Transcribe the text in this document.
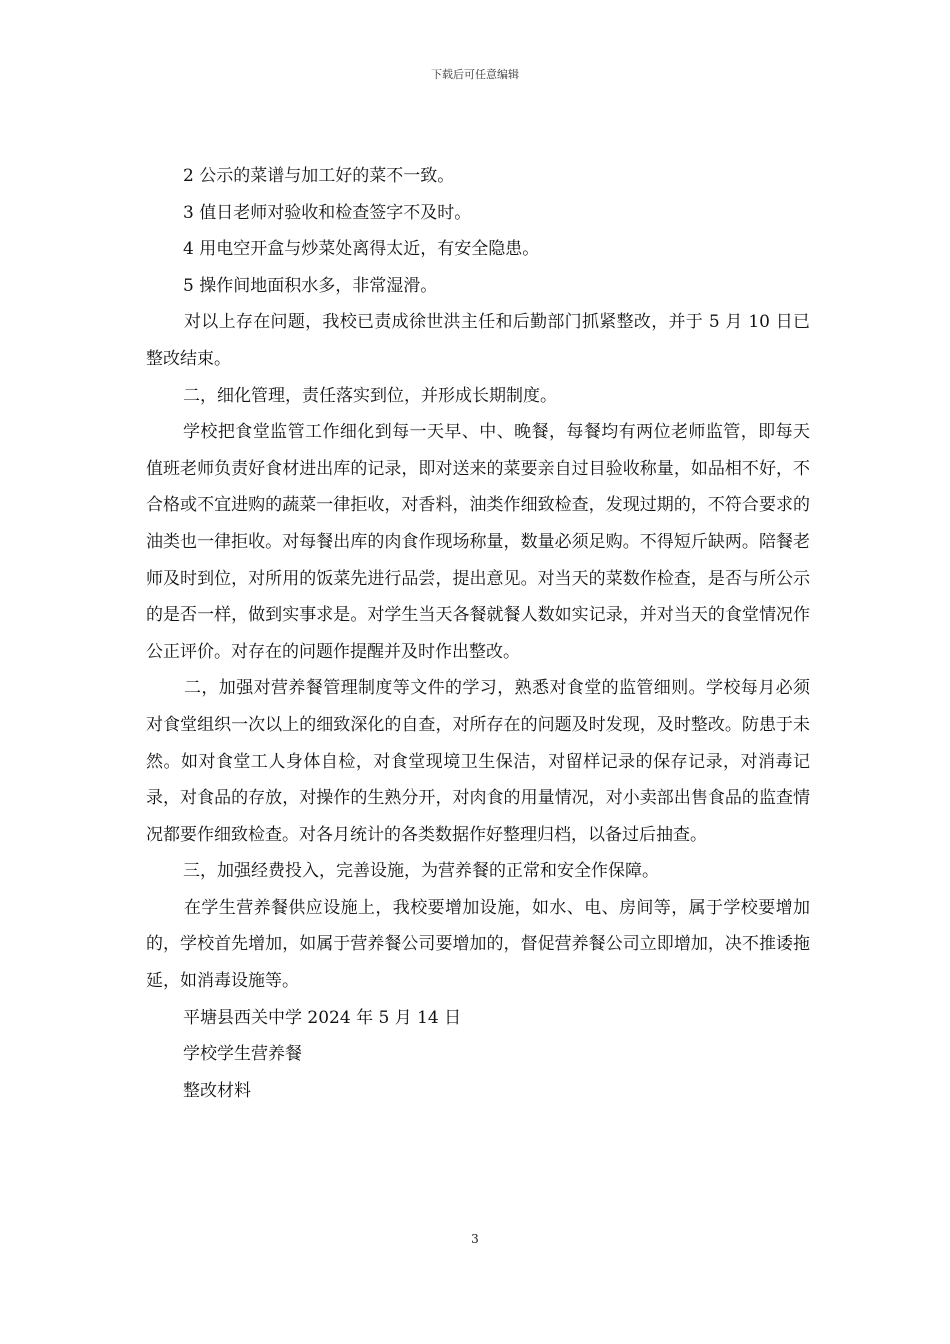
下载后可任意编辑

2 公示的菜谱与加工好的菜不一致。

3 值日老师对验收和检查签字不及时。

4 用电空开盒与炒菜处离得太近，有安全隐患。

5 操作间地面积水多，非常湿滑。

对以上存在问题，我校已责成徐世洪主任和后勤部门抓紧整改，并于 5 月 10 日已整改结束。

二，细化管理，责任落实到位，并形成长期制度。

学校把食堂监管工作细化到每一天早、中、晚餐，每餐均有两位老师监管，即每天值班老师负责好食材进出库的记录，即对送来的菜要亲自过目验收称量，如品相不好，不合格或不宜进购的蔬菜一律拒收，对香料，油类作细致检查，发现过期的，不符合要求的油类也一律拒收。对每餐出库的肉食作现场称量，数量必须足购。不得短斤缺两。陪餐老师及时到位，对所用的饭菜先进行品尝，提出意见。对当天的菜数作检查，是否与所公示的是否一样，做到实事求是。对学生当天各餐就餐人数如实记录，并对当天的食堂情况作公正评价。对存在的问题作提醒并及时作出整改。

二，加强对营养餐管理制度等文件的学习，熟悉对食堂的监管细则。学校每月必须对食堂组织一次以上的细致深化的自查，对所存在的问题及时发现，及时整改。防患于未然。如对食堂工人身体自检，对食堂现境卫生保洁，对留样记录的保存记录，对消毒记录，对食品的存放，对操作的生熟分开，对肉食的用量情况，对小卖部出售食品的监查情况都要作细致检查。对各月统计的各类数据作好整理归档，以备过后抽查。

三，加强经费投入，完善设施，为营养餐的正常和安全作保障。

在学生营养餐供应设施上，我校要增加设施，如水、电、房间等，属于学校要增加的，学校首先增加，如属于营养餐公司要增加的，督促营养餐公司立即增加，决不推诿拖延，如消毒设施等。

平塘县西关中学 2024 年 5 月 14 日

学校学生营养餐

整改材料

3
